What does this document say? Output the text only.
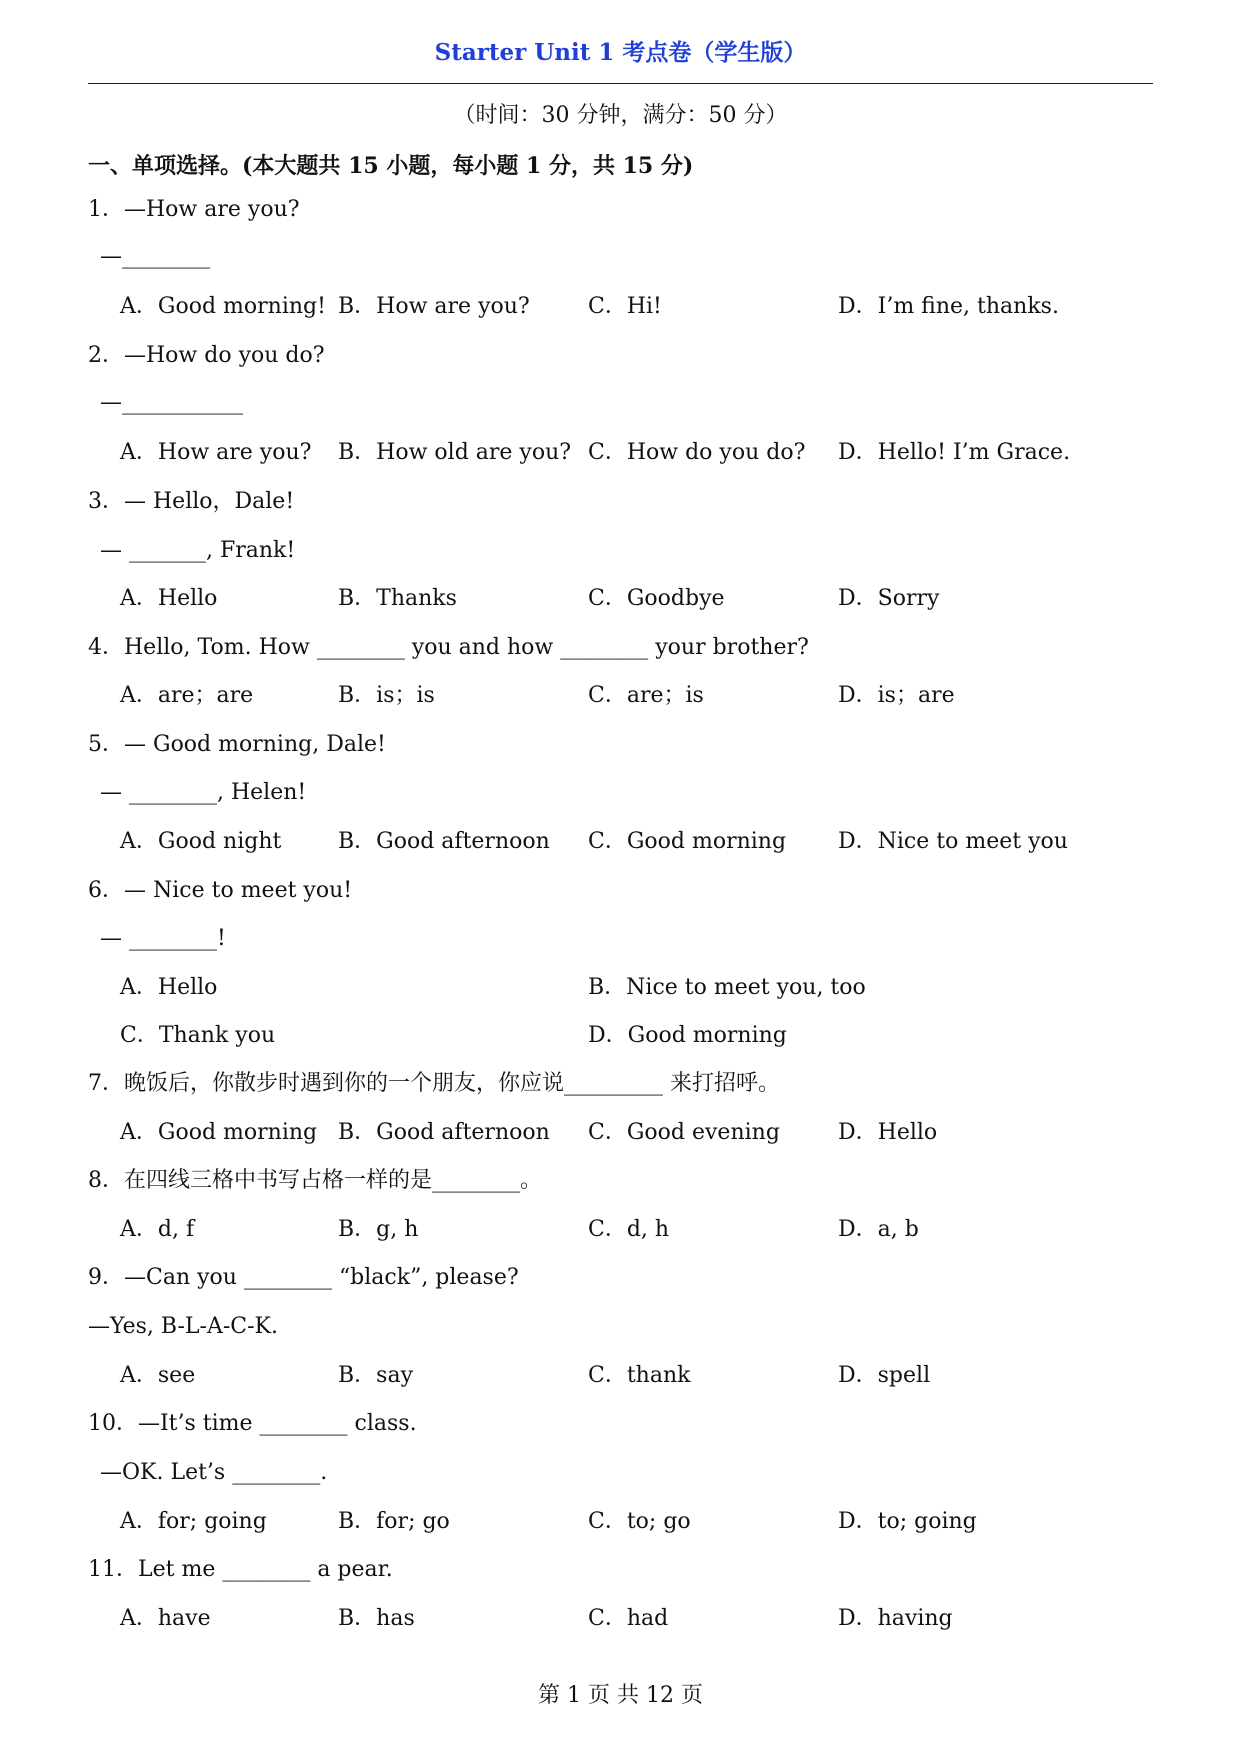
Starter Unit 1 考点卷（学生版）
（时间：30 分钟，满分：50 分）
一、单项选择。(本大题共 15 小题，每小题 1 分，共 15 分)
1．—How are you?
—________
A．Good morning! B．How are you?	C．Hi!	D．I’m fine, thanks.
2．—How do you do?
—___________
A．How are you? B．How old are you? C．How do you do? D．Hello! I’m Grace.
3．— Hello，Dale!
— _______, Frank!
A．Hello	B．Thanks	C．Goodbye	D．Sorry
4．Hello, Tom. How ________ you and how ________ your brother?
A．are；are	B．is；is	C．are；is	D．is；are
5．— Good morning, Dale!
— ________, Helen!
A．Good night	B．Good afternoon C．Good morning D．Nice to meet you
6．— Nice to meet you!
— ________!
A．Hello	B．Nice to meet you, too
C．Thank you	D．Good morning
7．晚饭后，你散步时遇到你的一个朋友，你应说_________ 来打招呼。
A．Good morning B．Good afternoon C．Good evening	D．Hello
8．在四线三格中书写占格一样的是________。
A．d, f	B．g, h	C．d, h	D．a, b
9．—Can you ________ “black”, please?
—Yes, B-L-A-C-K.
A．see	B．say	C．thank	D．spell
10．—It’s time ________ class.
—OK. Let’s ________.
A．for; going	B．for; go	C．to; go	D．to; going
11．Let me ________ a pear.
A．have	B．has	C．had	D．having
第 1 页 共 12 页
